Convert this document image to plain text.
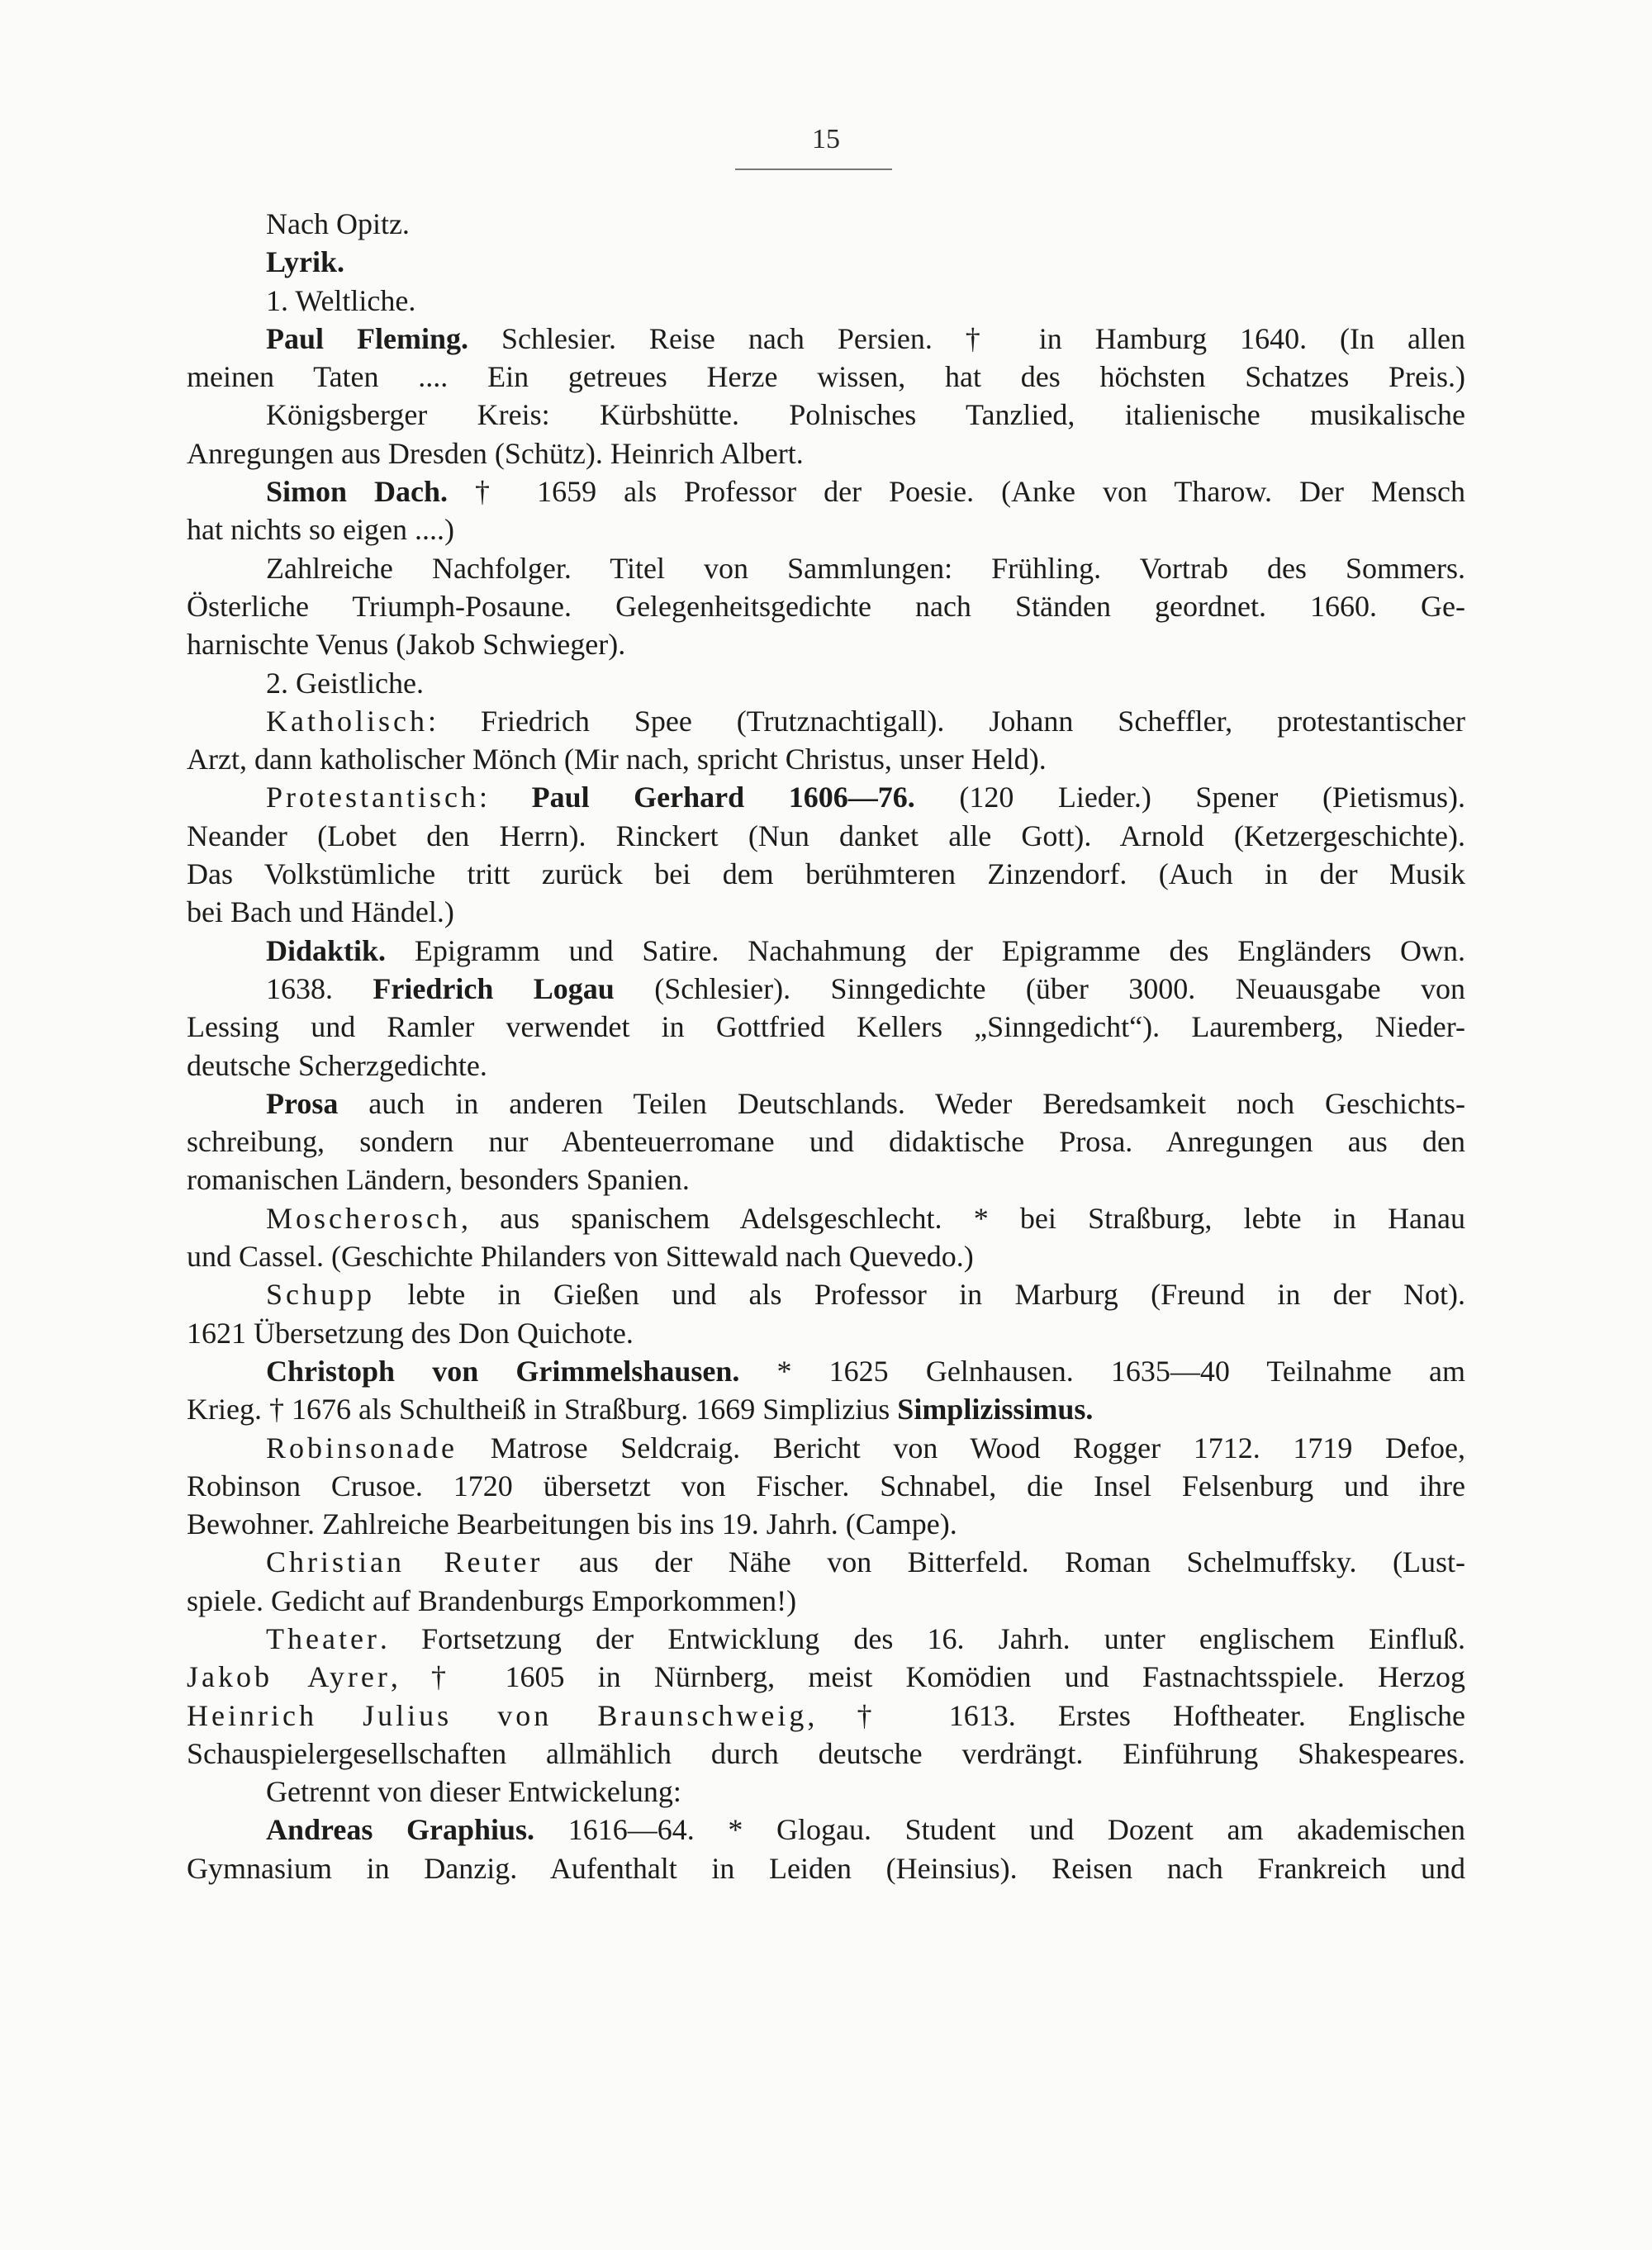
15
Nach Opitz.
Lyrik.
1. Weltliche.
Paul Fleming. Schlesier. Reise nach Persien. † in Hamburg 1640. (In allen
meinen Taten .... Ein getreues Herze wissen, hat des höchsten Schatzes Preis.)
Königsberger Kreis: Kürbshütte. Polnisches Tanzlied, italienische musikalische
Anregungen aus Dresden (Schütz). Heinrich Albert.
Simon Dach. † 1659 als Professor der Poesie. (Anke von Tharow. Der Mensch
hat nichts so eigen ....)
Zahlreiche Nachfolger. Titel von Sammlungen: Frühling. Vortrab des Sommers.
Österliche Triumph-Posaune. Gelegenheitsgedichte nach Ständen geordnet. 1660. Ge-
harnischte Venus (Jakob Schwieger).
2. Geistliche.
Katholisch: Friedrich Spee (Trutznachtigall). Johann Scheffler, protestantischer
Arzt, dann katholischer Mönch (Mir nach, spricht Christus, unser Held).
Protestantisch: Paul Gerhard 1606—76. (120 Lieder.) Spener (Pietismus).
Neander (Lobet den Herrn). Rinckert (Nun danket alle Gott). Arnold (Ketzergeschichte).
Das Volkstümliche tritt zurück bei dem berühmteren Zinzendorf. (Auch in der Musik
bei Bach und Händel.)
Didaktik. Epigramm und Satire. Nachahmung der Epigramme des Engländers Own.
1638. Friedrich Logau (Schlesier). Sinngedichte (über 3000. Neuausgabe von
Lessing und Ramler verwendet in Gottfried Kellers „Sinngedicht“). Lauremberg, Nieder-
deutsche Scherzgedichte.
Prosa auch in anderen Teilen Deutschlands. Weder Beredsamkeit noch Geschichts-
schreibung, sondern nur Abenteuerromane und didaktische Prosa. Anregungen aus den
romanischen Ländern, besonders Spanien.
Moscherosch, aus spanischem Adelsgeschlecht. * bei Straßburg, lebte in Hanau
und Cassel. (Geschichte Philanders von Sittewald nach Quevedo.)
Schupp lebte in Gießen und als Professor in Marburg (Freund in der Not).
1621 Übersetzung des Don Quichote.
Christoph von Grimmelshausen. * 1625 Gelnhausen. 1635—40 Teilnahme am
Krieg. † 1676 als Schultheiß in Straßburg. 1669 Simplizius Simplizissimus.
Robinsonade Matrose Seldcraig. Bericht von Wood Rogger 1712. 1719 Defoe,
Robinson Crusoe. 1720 übersetzt von Fischer. Schnabel, die Insel Felsenburg und ihre
Bewohner. Zahlreiche Bearbeitungen bis ins 19. Jahrh. (Campe).
Christian Reuter aus der Nähe von Bitterfeld. Roman Schelmuffsky. (Lust-
spiele. Gedicht auf Brandenburgs Emporkommen!)
Theater. Fortsetzung der Entwicklung des 16. Jahrh. unter englischem Einfluß.
Jakob Ayrer, † 1605 in Nürnberg, meist Komödien und Fastnachtsspiele. Herzog
Heinrich Julius von Braunschweig, † 1613. Erstes Hoftheater. Englische
Schauspielergesellschaften allmählich durch deutsche verdrängt. Einführung Shakespeares.
Getrennt von dieser Entwickelung:
Andreas Graphius. 1616—64. * Glogau. Student und Dozent am akademischen
Gymnasium in Danzig. Aufenthalt in Leiden (Heinsius). Reisen nach Frankreich und
